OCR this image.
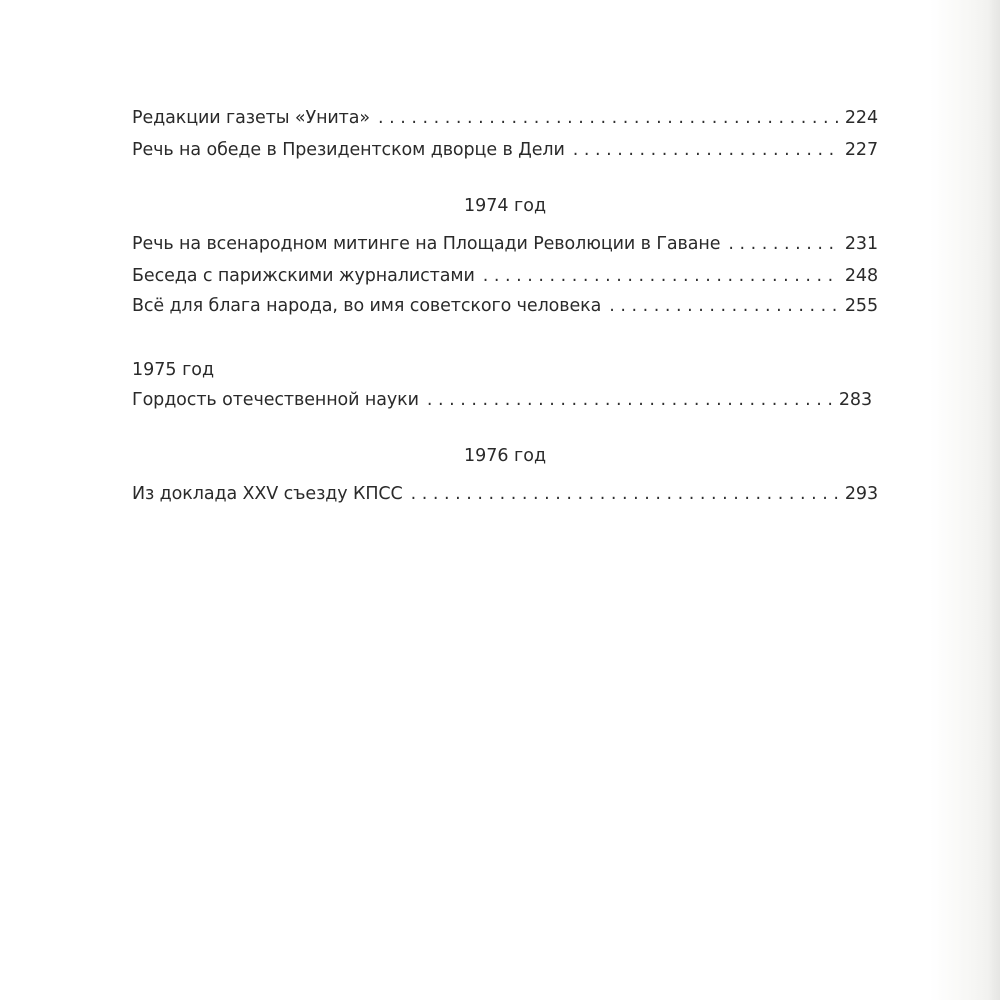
Редакции газеты «Унита» . . .	224
Речь на обеде в Президентском дворце в Дели . . .	227
1974 год
Речь на всенародном митинге на Площади Революции в Гаване . . .	231
Беседа с парижскими журналистами . . .	248
Всё для блага народа, во имя советского человека . . .	255
1975 год
Гордость отечественной науки . . .	283
1976 год
Из доклада XXV съезду КПСС . . .	293
